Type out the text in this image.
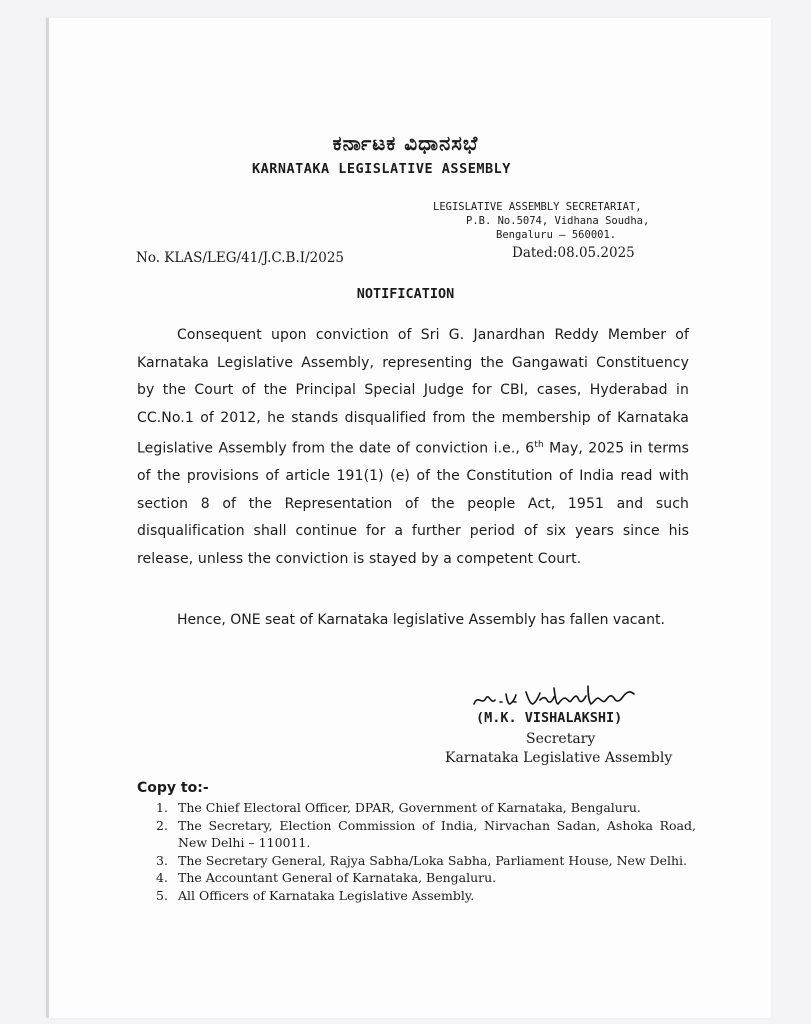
ಕರ್ನಾಟಕ ವಿಧಾನಸಭೆ
KARNATAKA LEGISLATIVE ASSEMBLY
LEGISLATIVE ASSEMBLY SECRETARIAT,
P.B. No.5074, Vidhana Soudha,
Bengaluru – 560001.
No. KLAS/LEG/41/J.C.B.I/2025	Dated:08.05.2025
NOTIFICATION
Consequent upon conviction of Sri G. Janardhan Reddy Member of Karnataka Legislative Assembly, representing the Gangawati Constituency by the Court of the Principal Special Judge for CBI, cases, Hyderabad in CC.No.1 of 2012, he stands disqualified from the membership of Karnataka Legislative Assembly from the date of conviction i.e., 6th May, 2025 in terms of the provisions of article 191(1) (e) of the Constitution of India read with section 8 of the Representation of the people Act, 1951 and such disqualification shall continue for a further period of six years since his release, unless the conviction is stayed by a competent Court.
Hence, ONE seat of Karnataka legislative Assembly has fallen vacant.
(M.K. VISHALAKSHI)
Secretary
Karnataka Legislative Assembly
Copy to:-
1. The Chief Electoral Officer, DPAR, Government of Karnataka, Bengaluru.
2. The Secretary, Election Commission of India, Nirvachan Sadan, Ashoka Road, New Delhi – 110011.
3. The Secretary General, Rajya Sabha/Loka Sabha, Parliament House, New Delhi.
4. The Accountant General of Karnataka, Bengaluru.
5. All Officers of Karnataka Legislative Assembly.
